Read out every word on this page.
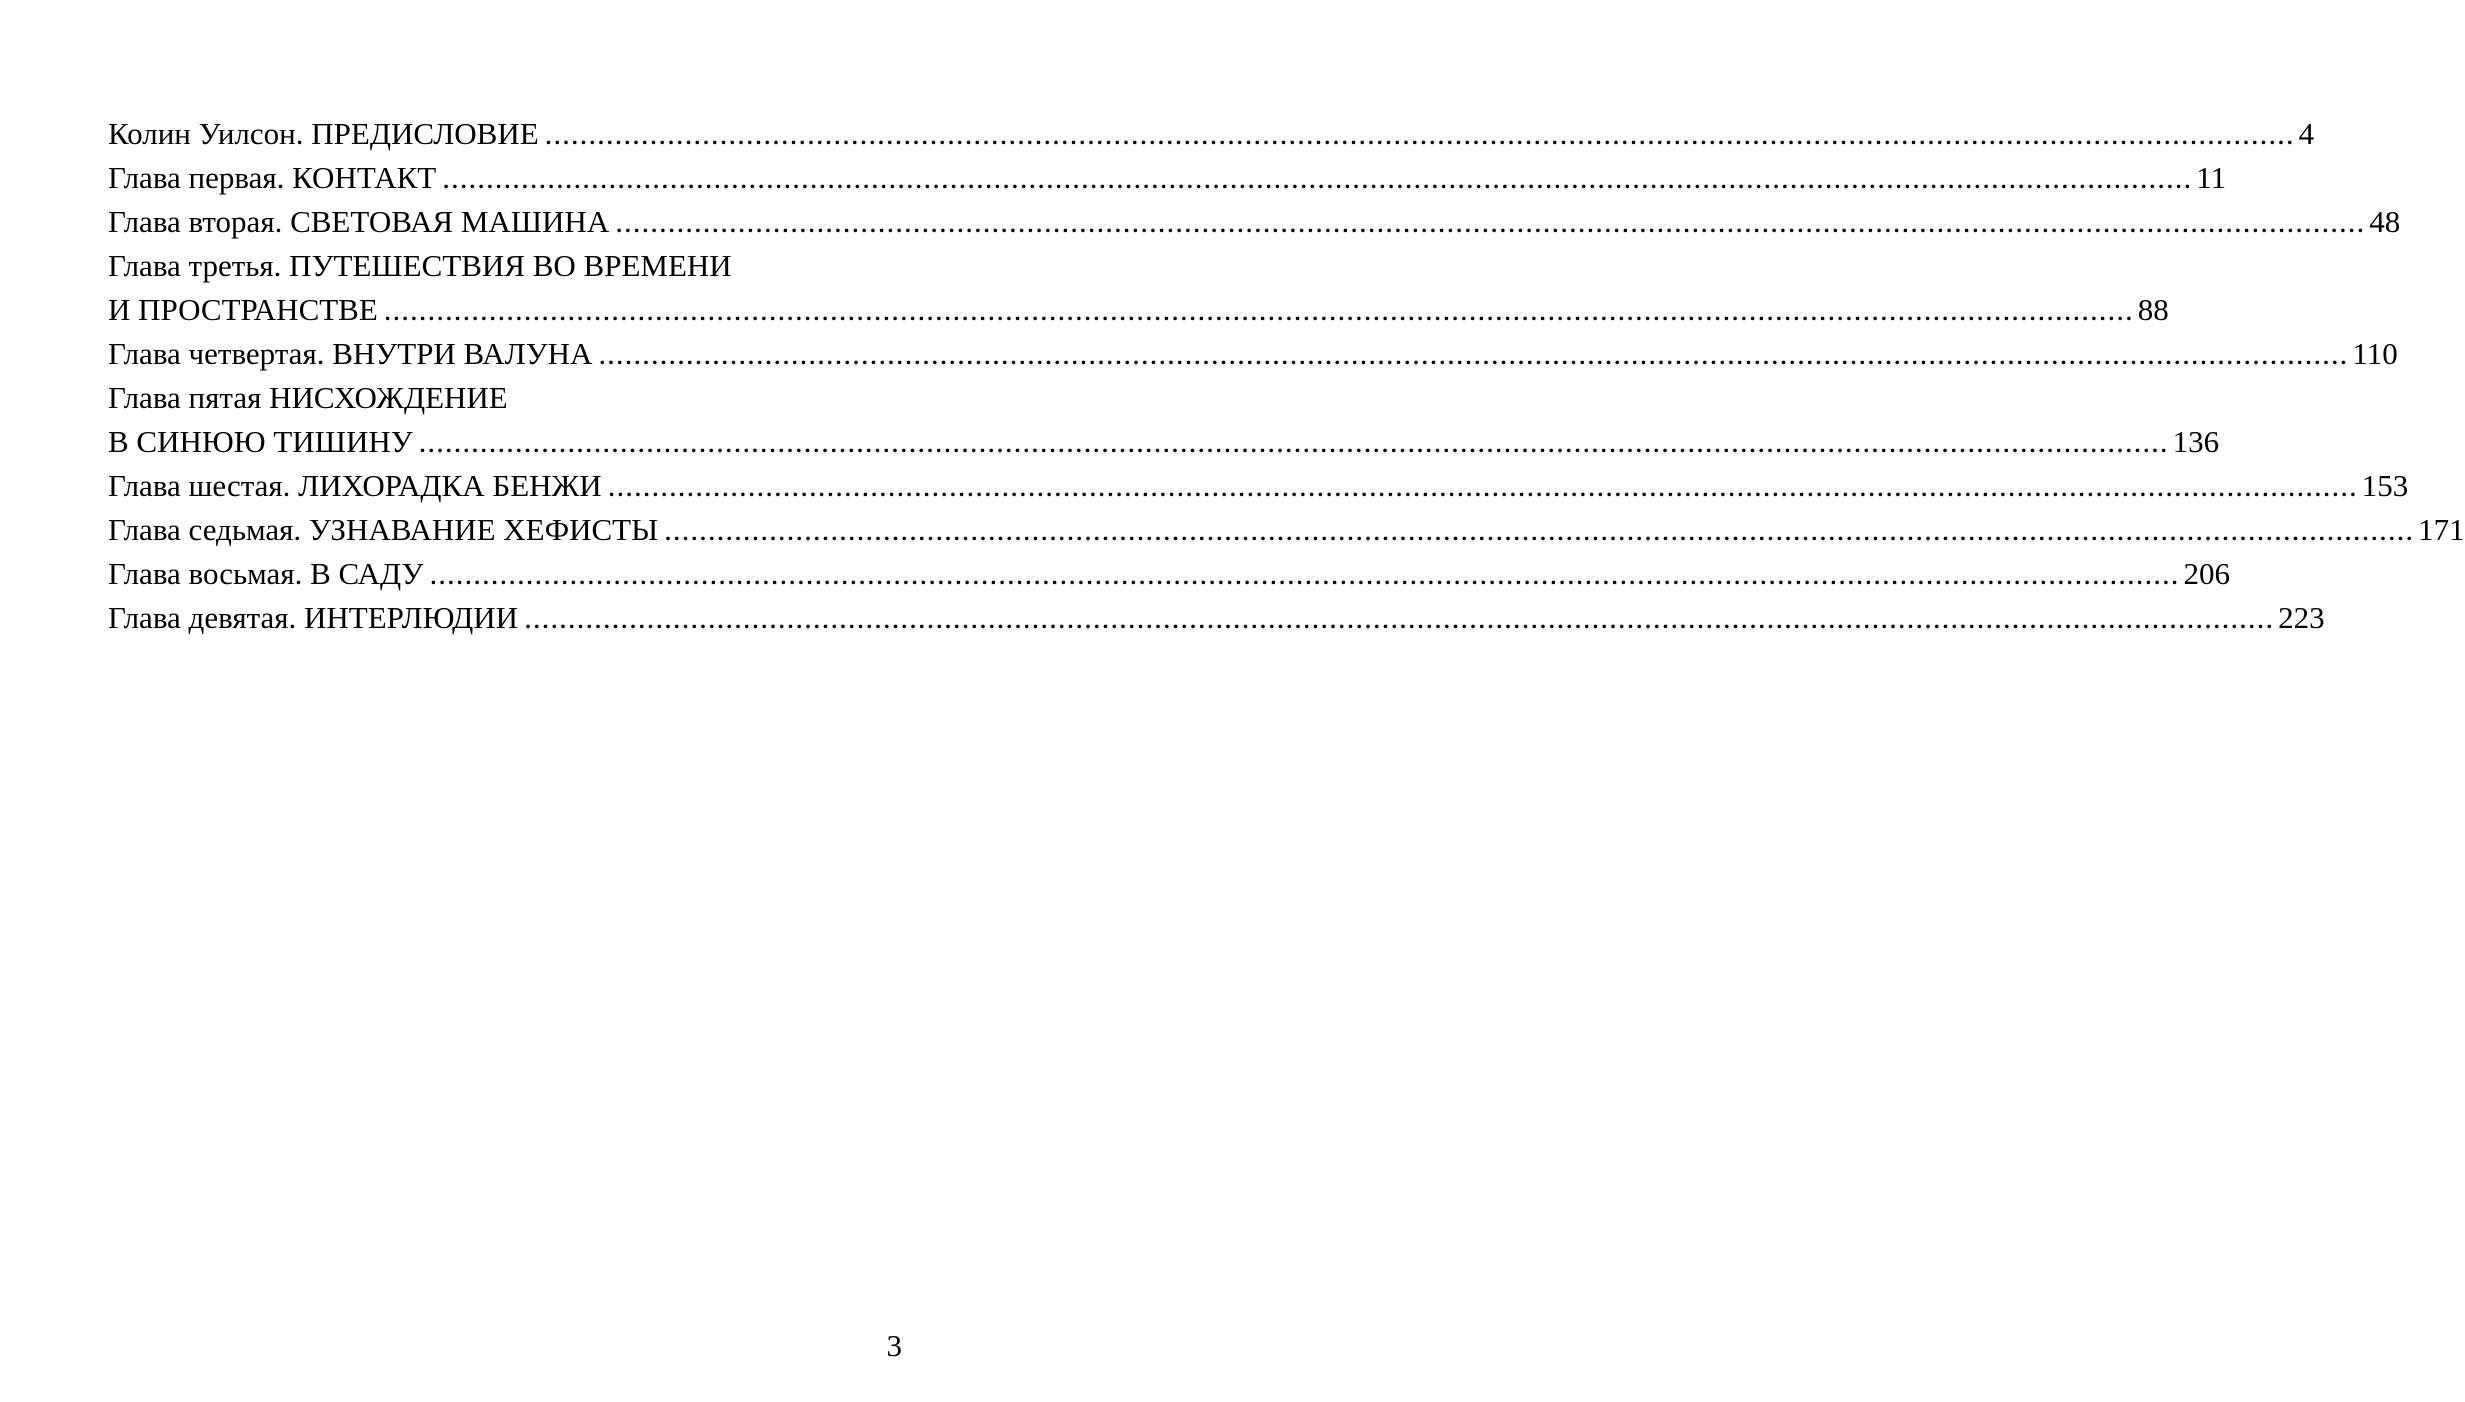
Колин Уилсон. ПРЕДИСЛОВИЕ ........................................................................................................................................................................................................ 4
Глава первая. КОНТАКТ ........................................................................................................................................................................................................ 11
Глава вторая. СВЕТОВАЯ МАШИНА ........................................................................................................................................................................................................ 48
Глава третья. ПУТЕШЕСТВИЯ ВО ВРЕМЕНИ
И ПРОСТРАНСТВЕ ........................................................................................................................................................................................................ 88
Глава четвертая. ВНУТРИ ВАЛУНА ........................................................................................................................................................................................................ 110
Глава пятая НИСХОЖДЕНИЕ
В СИНЮЮ ТИШИНУ ........................................................................................................................................................................................................ 136
Глава шестая. ЛИХОРАДКА БЕНЖИ ........................................................................................................................................................................................................ 153
Глава седьмая. УЗНАВАНИЕ ХЕФИСТЫ ........................................................................................................................................................................................................ 171
Глава восьмая. В САДУ ........................................................................................................................................................................................................ 206
Глава девятая. ИНТЕРЛЮДИИ ........................................................................................................................................................................................................ 223
3
